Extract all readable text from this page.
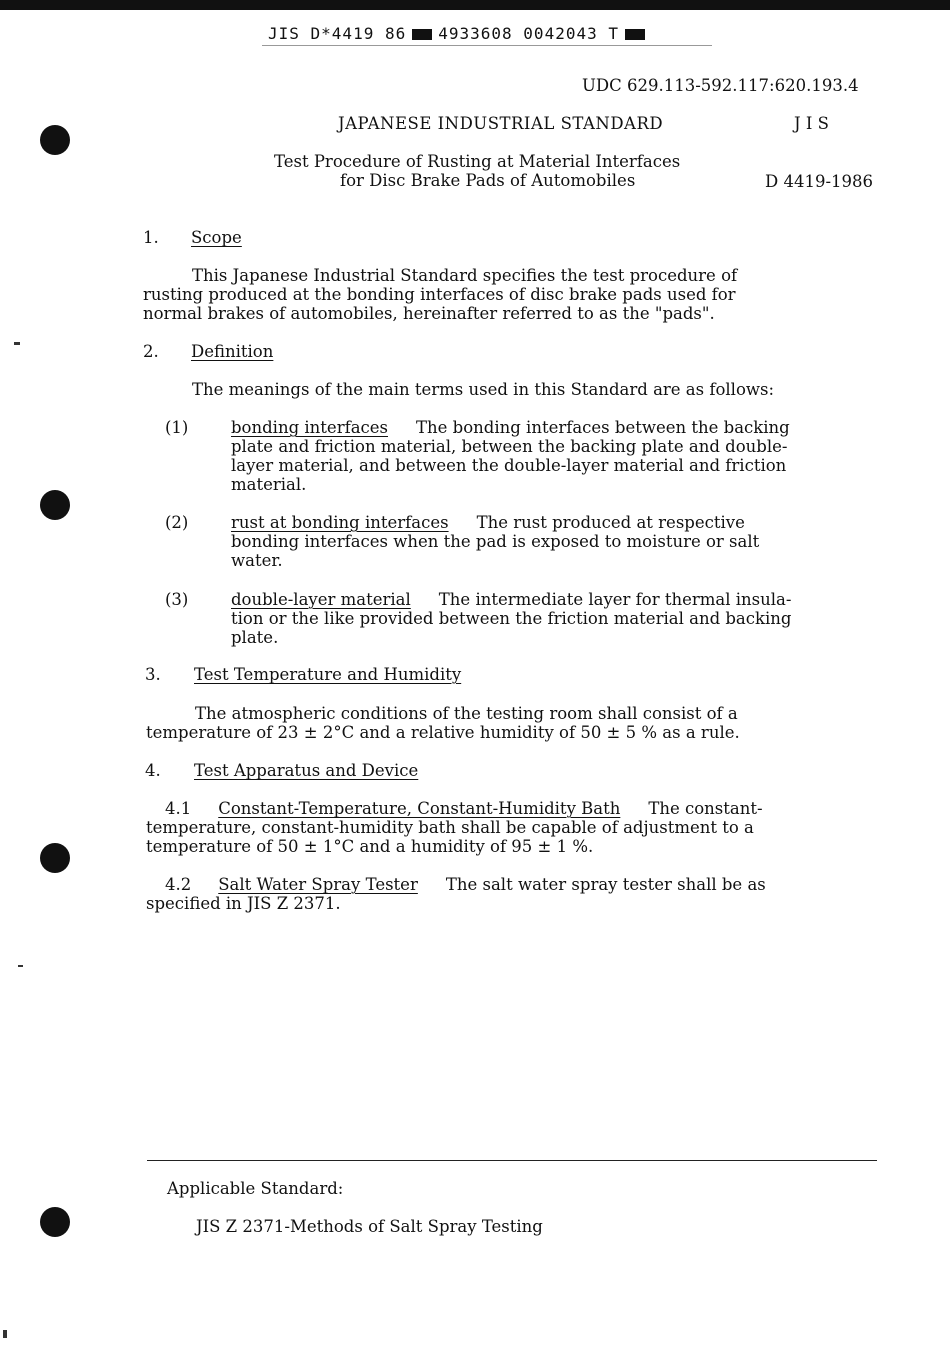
JIS D*4419 86 4933608 0042043 T
UDC 629.113-592.117:620.193.4
JAPANESE INDUSTRIAL STANDARD	J I S
Test Procedure of Rusting at Material Interfaces
for Disc Brake Pads of Automobiles	D 4419-1986
1. Scope
This Japanese Industrial Standard specifies the test procedure of
rusting produced at the bonding interfaces of disc brake pads used for
normal brakes of automobiles, hereinafter referred to as the "pads".
2. Definition
The meanings of the main terms used in this Standard are as follows:
(1)	bonding interfaces The bonding interfaces between the backing
plate and friction material, between the backing plate and double-
layer material, and between the double-layer material and friction
material.
(2)	rust at bonding interfaces The rust produced at respective
bonding interfaces when the pad is exposed to moisture or salt
water.
(3)	double-layer material The intermediate layer for thermal insula-
tion or the like provided between the friction material and backing
plate.
3. Test Temperature and Humidity
The atmospheric conditions of the testing room shall consist of a
temperature of 23 ± 2°C and a relative humidity of 50 ± 5 % as a rule.
4. Test Apparatus and Device
4.1 Constant-Temperature, Constant-Humidity Bath The constant-
temperature, constant-humidity bath shall be capable of adjustment to a
temperature of 50 ± 1°C and a humidity of 95 ± 1 %.
4.2 Salt Water Spray Tester The salt water spray tester shall be as
specified in JIS Z 2371.
Applicable Standard:
JIS Z 2371-Methods of Salt Spray Testing
